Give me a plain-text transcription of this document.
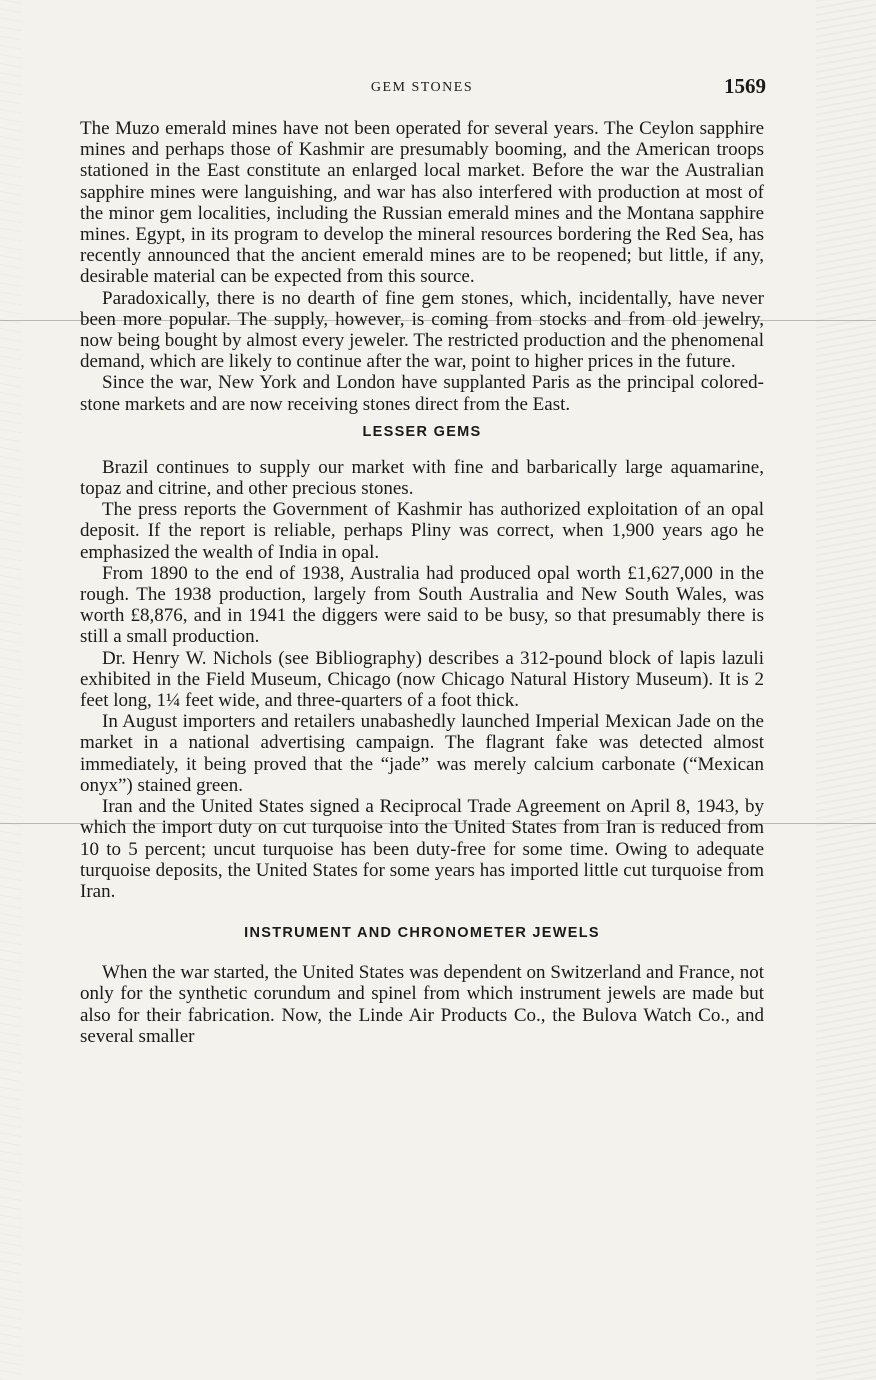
GEM STONES	1569

The Muzo emerald mines have not been operated for several years. The Ceylon sapphire mines and perhaps those of Kashmir are presumably booming, and the American troops stationed in the East constitute an enlarged local market. Before the war the Australian sapphire mines were languishing, and war has also interfered with production at most of the minor gem localities, including the Russian emerald mines and the Montana sapphire mines. Egypt, in its program to develop the mineral resources bordering the Red Sea, has recently announced that the ancient emerald mines are to be reopened; but little, if any, desirable material can be expected from this source.

Paradoxically, there is no dearth of fine gem stones, which, incidentally, have never been more popular. The supply, however, is coming from stocks and from old jewelry, now being bought by almost every jeweler. The restricted production and the phenomenal demand, which are likely to continue after the war, point to higher prices in the future.

Since the war, New York and London have supplanted Paris as the principal colored-stone markets and are now receiving stones direct from the East.

LESSER GEMS

Brazil continues to supply our market with fine and barbarically large aquamarine, topaz and citrine, and other precious stones.

The press reports the Government of Kashmir has authorized exploitation of an opal deposit. If the report is reliable, perhaps Pliny was correct, when 1,900 years ago he emphasized the wealth of India in opal.

From 1890 to the end of 1938, Australia had produced opal worth £1,627,000 in the rough. The 1938 production, largely from South Australia and New South Wales, was worth £8,876, and in 1941 the diggers were said to be busy, so that presumably there is still a small production.

Dr. Henry W. Nichols (see Bibliography) describes a 312-pound block of lapis lazuli exhibited in the Field Museum, Chicago (now Chicago Natural History Museum). It is 2 feet long, 1¼ feet wide, and three-quarters of a foot thick.

In August importers and retailers unabashedly launched Imperial Mexican Jade on the market in a national advertising campaign. The flagrant fake was detected almost immediately, it being proved that the “jade” was merely calcium carbonate (“Mexican onyx”) stained green.

Iran and the United States signed a Reciprocal Trade Agreement on April 8, 1943, by which the import duty on cut turquoise into the United States from Iran is reduced from 10 to 5 percent; uncut turquoise has been duty-free for some time. Owing to adequate turquoise deposits, the United States for some years has imported little cut turquoise from Iran.

INSTRUMENT AND CHRONOMETER JEWELS

When the war started, the United States was dependent on Switzerland and France, not only for the synthetic corundum and spinel from which instrument jewels are made but also for their fabrication. Now, the Linde Air Products Co., the Bulova Watch Co., and several smaller
